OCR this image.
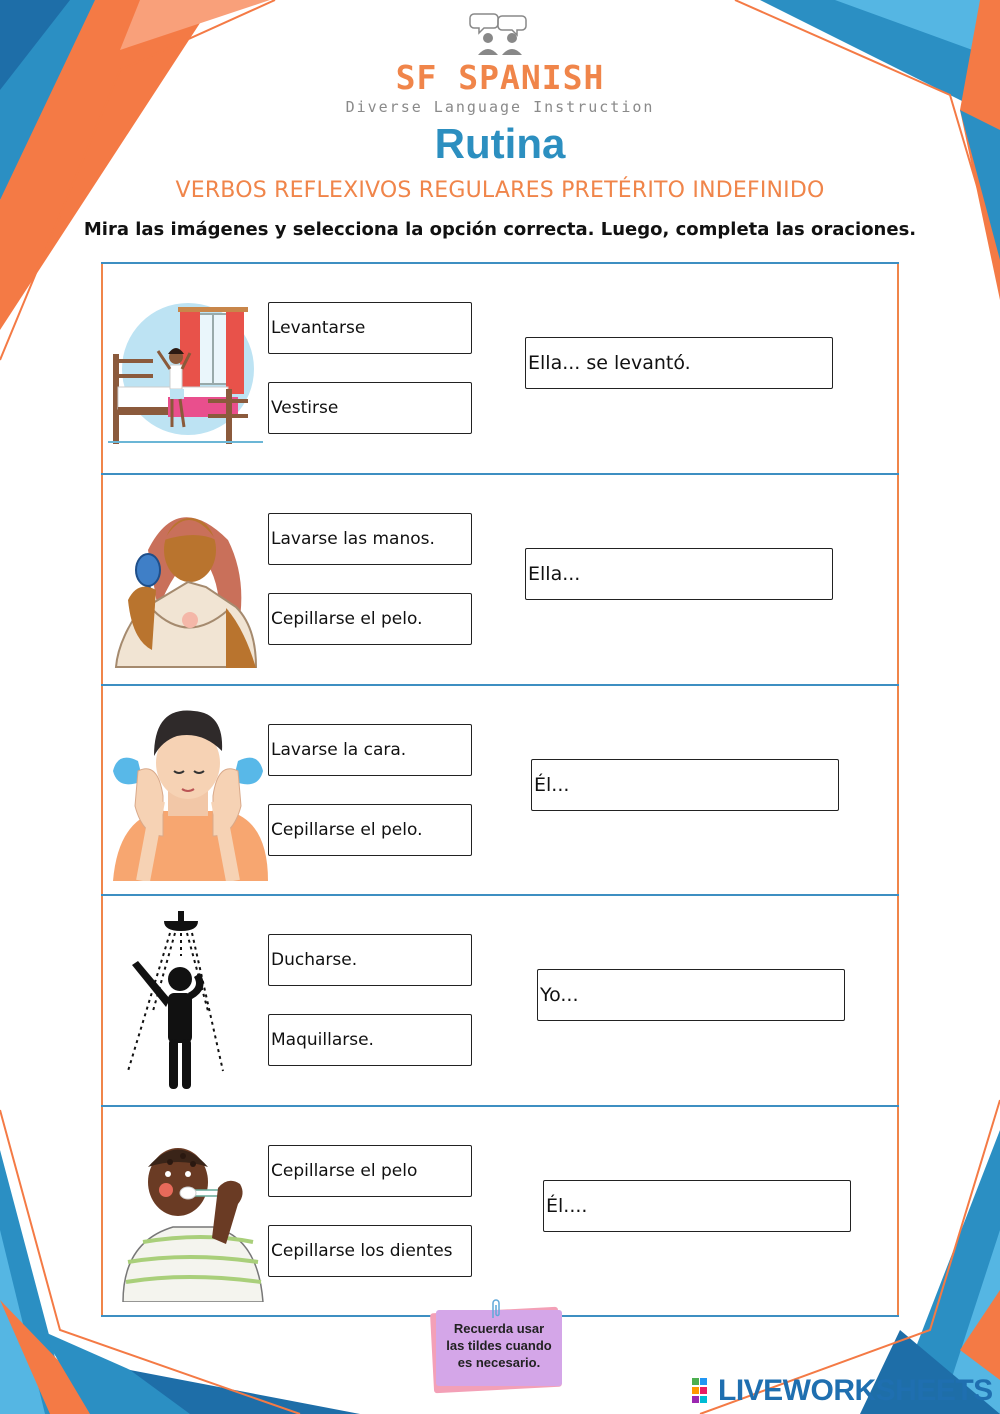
SF SPANISH
Diverse Language Instruction
Rutina
VERBOS REFLEXIVOS REGULARES PRETÉRITO INDEFINIDO
Mira las imágenes y selecciona la opción correcta. Luego, completa las oraciones.
Levantarse
Vestirse
Ella... se levantó.
Lavarse las manos.
Cepillarse el pelo.
Ella...
Lavarse la cara.
Cepillarse el pelo.
Él...
Ducharse.
Maquillarse.
Yo...
Cepillarse el pelo
Cepillarse los dientes
Él....
Recuerda usar
las tildes cuando
es necesario.
LIVEWORKSHEETS
